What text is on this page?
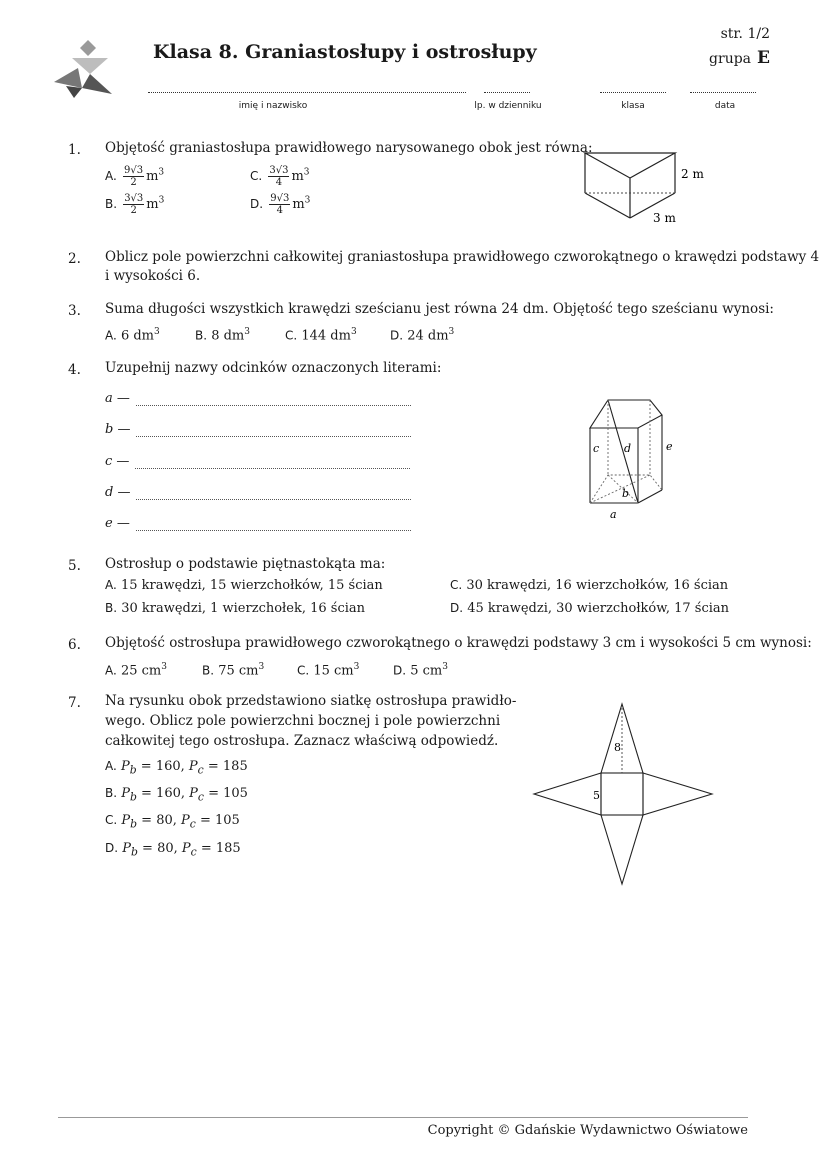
Klasa 8. Graniastosłupy i ostrosłupy
str. 1/2
grupa E
imię i nazwisko	lp. w dzienniku	klasa	data
1. Objętość graniastosłupa prawidłowego narysowanego obok jest równa:
A. $\frac{9√3}{2} m^3$	C. $\frac{3√3}{4} m^3$
B. $\frac{3√3}{2} m^3$	D. $\frac{9√3}{4} m^3$
2 m
3 m
2. Oblicz pole powierzchni całkowitej graniastosłupa prawidłowego czworokątnego o krawędzi podstawy 4
i wysokości 6.
3. Suma długości wszystkich krawędzi sześcianu jest równa 24 dm. Objętość tego sześcianu wynosi:
A. 6 $dm^3$	B. 8 $dm^3$	C. 144 $dm^3$	D. 24 $dm^3$
4. Uzupełnij nazwy odcinków oznaczonych literami:
a —
b —
c —
d —
e —
c d	e
b
a
5. Ostrosłup o podstawie piętnastokąta ma:
A. 15 krawędzi, 15 wierzchołków, 15 ścian	C. 30 krawędzi, 16 wierzchołków, 16 ścian
B. 30 krawędzi, 1 wierzchołek, 16 ścian	D. 45 krawędzi, 30 wierzchołków, 17 ścian
6. Objętość ostrosłupa prawidłowego czworokątnego o krawędzi podstawy 3 cm i wysokości 5 cm wynosi:
A. 25 $cm^3$	B. 75 $cm^3$	C. 15 $cm^3$	D. 5 $cm^3$
7. Na rysunku obok przedstawiono siatkę ostrosłupa prawidło-
wego. Oblicz pole powierzchni bocznej i pole powierzchni
całkowitej tego ostrosłupa. Zaznacz właściwą odpowiedź.
A. $P_b = 160$, $P_c = 185$
B. $P_b = 160$, $P_c = 105$
C. $P_b = 80$, $P_c = 105$
D. $P_b = 80$, $P_c = 185$
8
5
Copyright © Gdańskie Wydawnictwo Oświatowe
